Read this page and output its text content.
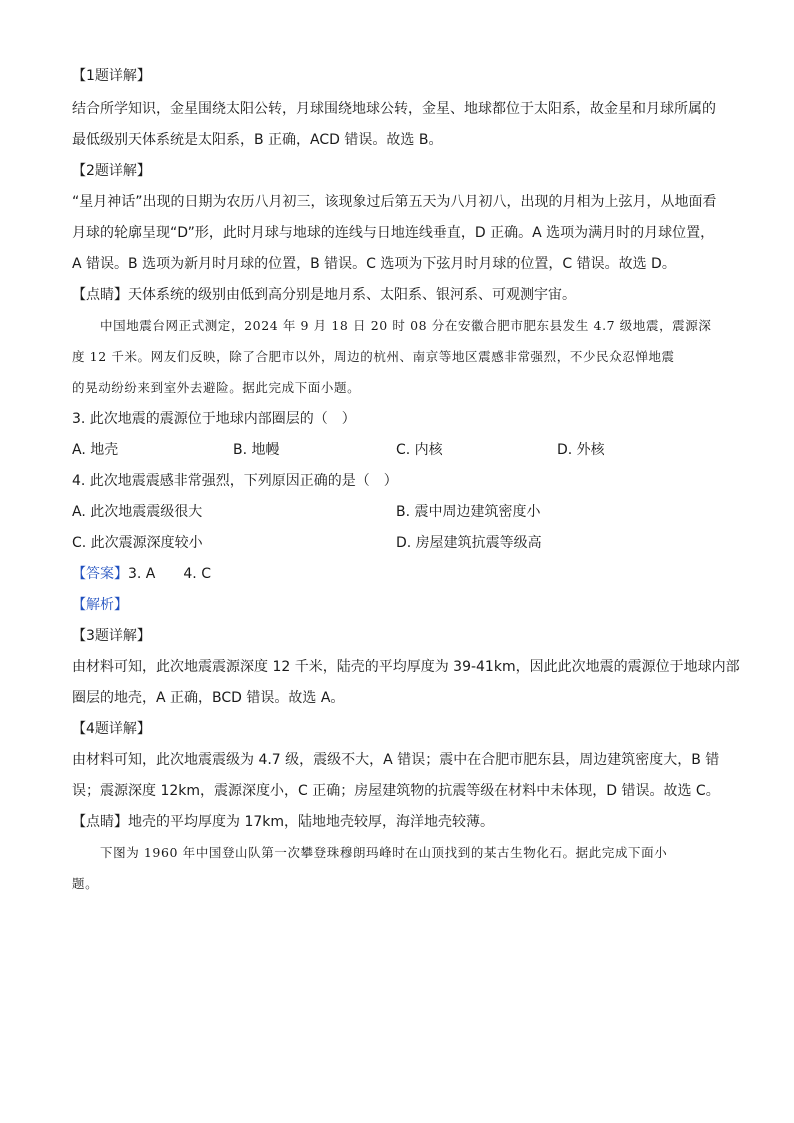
【1题详解】
结合所学知识，金星围绕太阳公转，月球围绕地球公转，金星、地球都位于太阳系，故金星和月球所属的
最低级别天体系统是太阳系，B 正确，ACD 错误。故选 B。
【2题详解】
“星月神话”出现的日期为农历八月初三，该现象过后第五天为八月初八，出现的月相为上弦月，从地面看
月球的轮廓呈现“D”形，此时月球与地球的连线与日地连线垂直，D 正确。A 选项为满月时的月球位置，
A 错误。B 选项为新月时月球的位置，B 错误。C 选项为下弦月时月球的位置，C 错误。故选 D。
【点睛】天体系统的级别由低到高分别是地月系、太阳系、银河系、可观测宇宙。
中国地震台网正式测定，2024 年 9 月 18 日 20 时 08 分在安徽合肥市肥东县发生 4.7 级地震，震源深
度 12 千米。网友们反映，除了合肥市以外，周边的杭州、南京等地区震感非常强烈，不少民众忍惮地震
的晃动纷纷来到室外去避险。据此完成下面小题。
3. 此次地震的震源位于地球内部圈层的（　）
A. 地壳	B. 地幔	C. 内核	D. 外核
4. 此次地震震感非常强烈，下列原因正确的是（　）
A. 此次地震震级很大	B. 震中周边建筑密度小
C. 此次震源深度较小	D. 房屋建筑抗震等级高
【答案】3. A　　4. C
【解析】
【3题详解】
由材料可知，此次地震震源深度 12 千米，陆壳的平均厚度为 39-41km，因此此次地震的震源位于地球内部
圈层的地壳，A 正确，BCD 错误。故选 A。
【4题详解】
由材料可知，此次地震震级为 4.7 级，震级不大，A 错误；震中在合肥市肥东县，周边建筑密度大，B 错
误；震源深度 12km，震源深度小，C 正确；房屋建筑物的抗震等级在材料中未体现，D 错误。故选 C。
【点睛】地壳的平均厚度为 17km，陆地地壳较厚，海洋地壳较薄。
下图为 1960 年中国登山队第一次攀登珠穆朗玛峰时在山顶找到的某古生物化石。据此完成下面小
题。
